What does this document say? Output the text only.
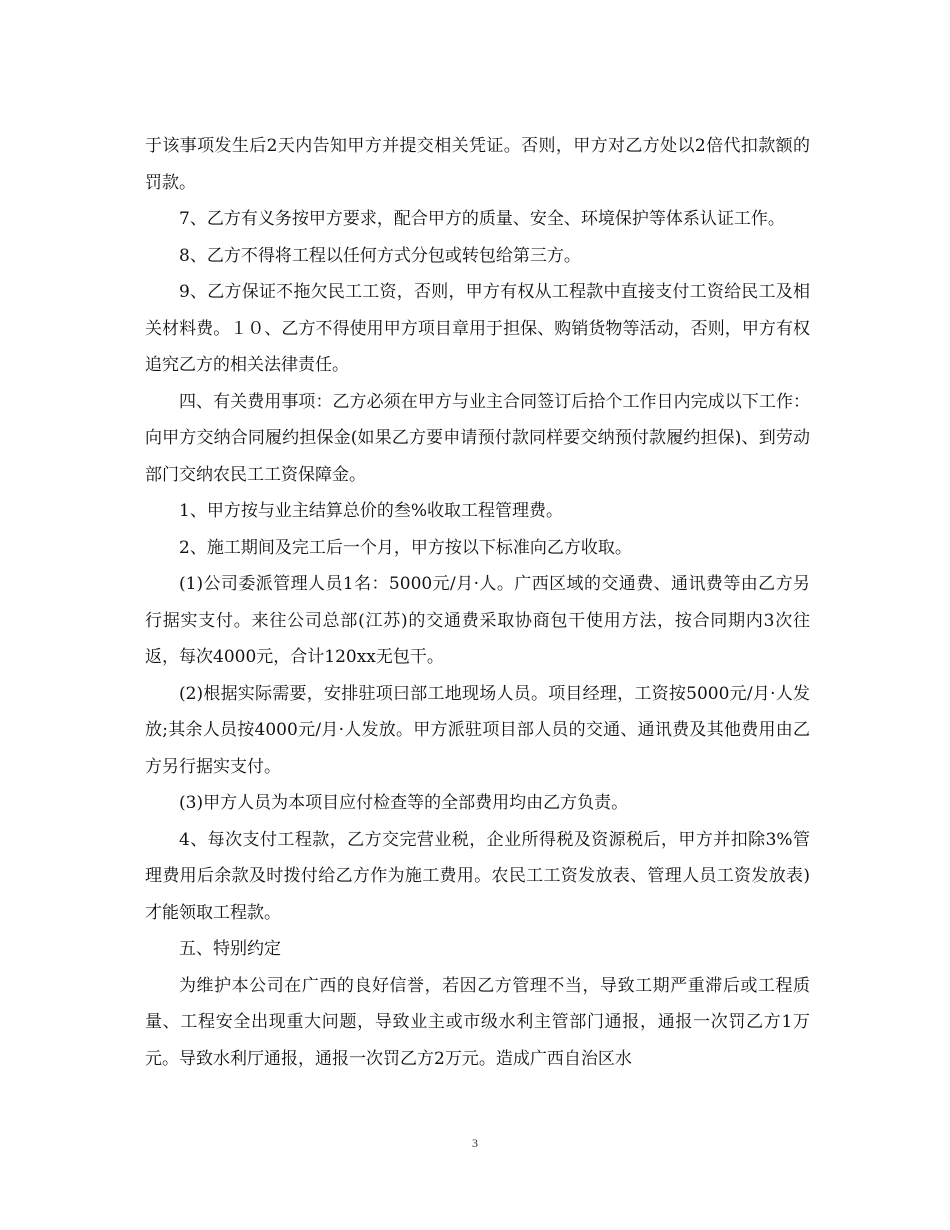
于该事项发生后2天内告知甲方并提交相关凭证。否则，甲方对乙方处以2倍代扣款额的罚款。

7、乙方有义务按甲方要求，配合甲方的质量、安全、环境保护等体系认证工作。

8、乙方不得将工程以任何方式分包或转包给第三方。

9、乙方保证不拖欠民工工资，否则，甲方有权从工程款中直接支付工资给民工及相关材料费。１０、乙方不得使用甲方项目章用于担保、购销货物等活动，否则，甲方有权追究乙方的相关法律责任。

四、有关费用事项：乙方必须在甲方与业主合同签订后拾个工作日内完成以下工作：向甲方交纳合同履约担保金(如果乙方要申请预付款同样要交纳预付款履约担保)、到劳动部门交纳农民工工资保障金。

1、甲方按与业主结算总价的叁%收取工程管理费。

2、施工期间及完工后一个月，甲方按以下标准向乙方收取。

(1)公司委派管理人员1名：5000元/月·人。广西区域的交通费、通讯费等由乙方另行据实支付。来往公司总部(江苏)的交通费采取协商包干使用方法，按合同期内3次往返，每次4000元，合计120xx无包干。

(2)根据实际需要，安排驻项曰部工地现场人员。项目经理，工资按5000元/月·人发放;其余人员按4000元/月·人发放。甲方派驻项目部人员的交通、通讯费及其他费用由乙方另行据实支付。

(3)甲方人员为本项目应付检查等的全部费用均由乙方负责。

4、每次支付工程款，乙方交完营业税，企业所得税及资源税后，甲方并扣除3%管理费用后余款及时拨付给乙方作为施工费用。农民工工资发放表、管理人员工资发放表)才能领取工程款。

五、特别约定

为维护本公司在广西的良好信誉，若因乙方管理不当，导致工期严重滞后或工程质量、工程安全出现重大问题，导致业主或市级水利主管部门通报，通报一次罚乙方1万元。导致水利厅通报，通报一次罚乙方2万元。造成广西自治区水

3
